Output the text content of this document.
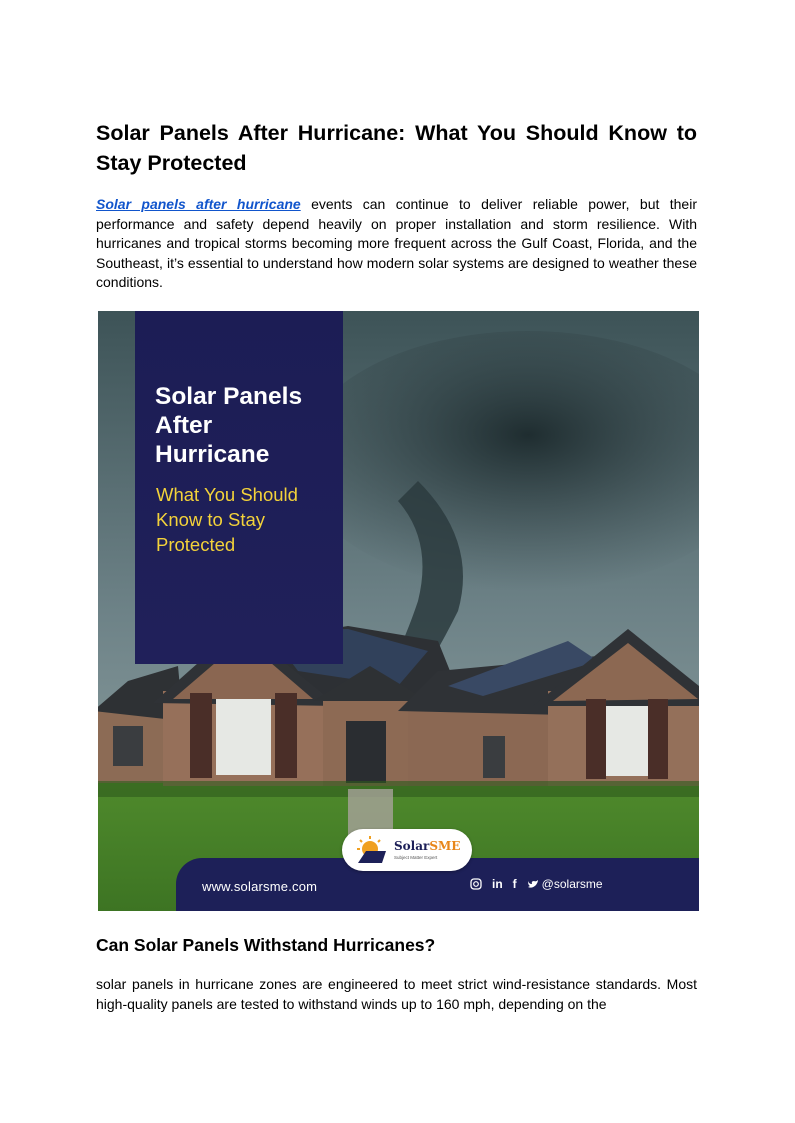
Solar Panels After Hurricane: What You Should Know to Stay Protected

Solar panels after hurricane events can continue to deliver reliable power, but their performance and safety depend heavily on proper installation and storm resilience. With hurricanes and tropical storms becoming more frequent across the Gulf Coast, Florida, and the Southeast, it’s essential to understand how modern solar systems are designed to weather these conditions.

Solar Panels
After
Hurricane
What You Should
Know to Stay
Protected
SolarSME
Subject Matter Expert
www.solarsme.com	in f @solarsme
Can Solar Panels Withstand Hurricanes?

solar panels in hurricane zones are engineered to meet strict wind-resistance standards. Most high-quality panels are tested to withstand winds up to 160 mph, depending on the
